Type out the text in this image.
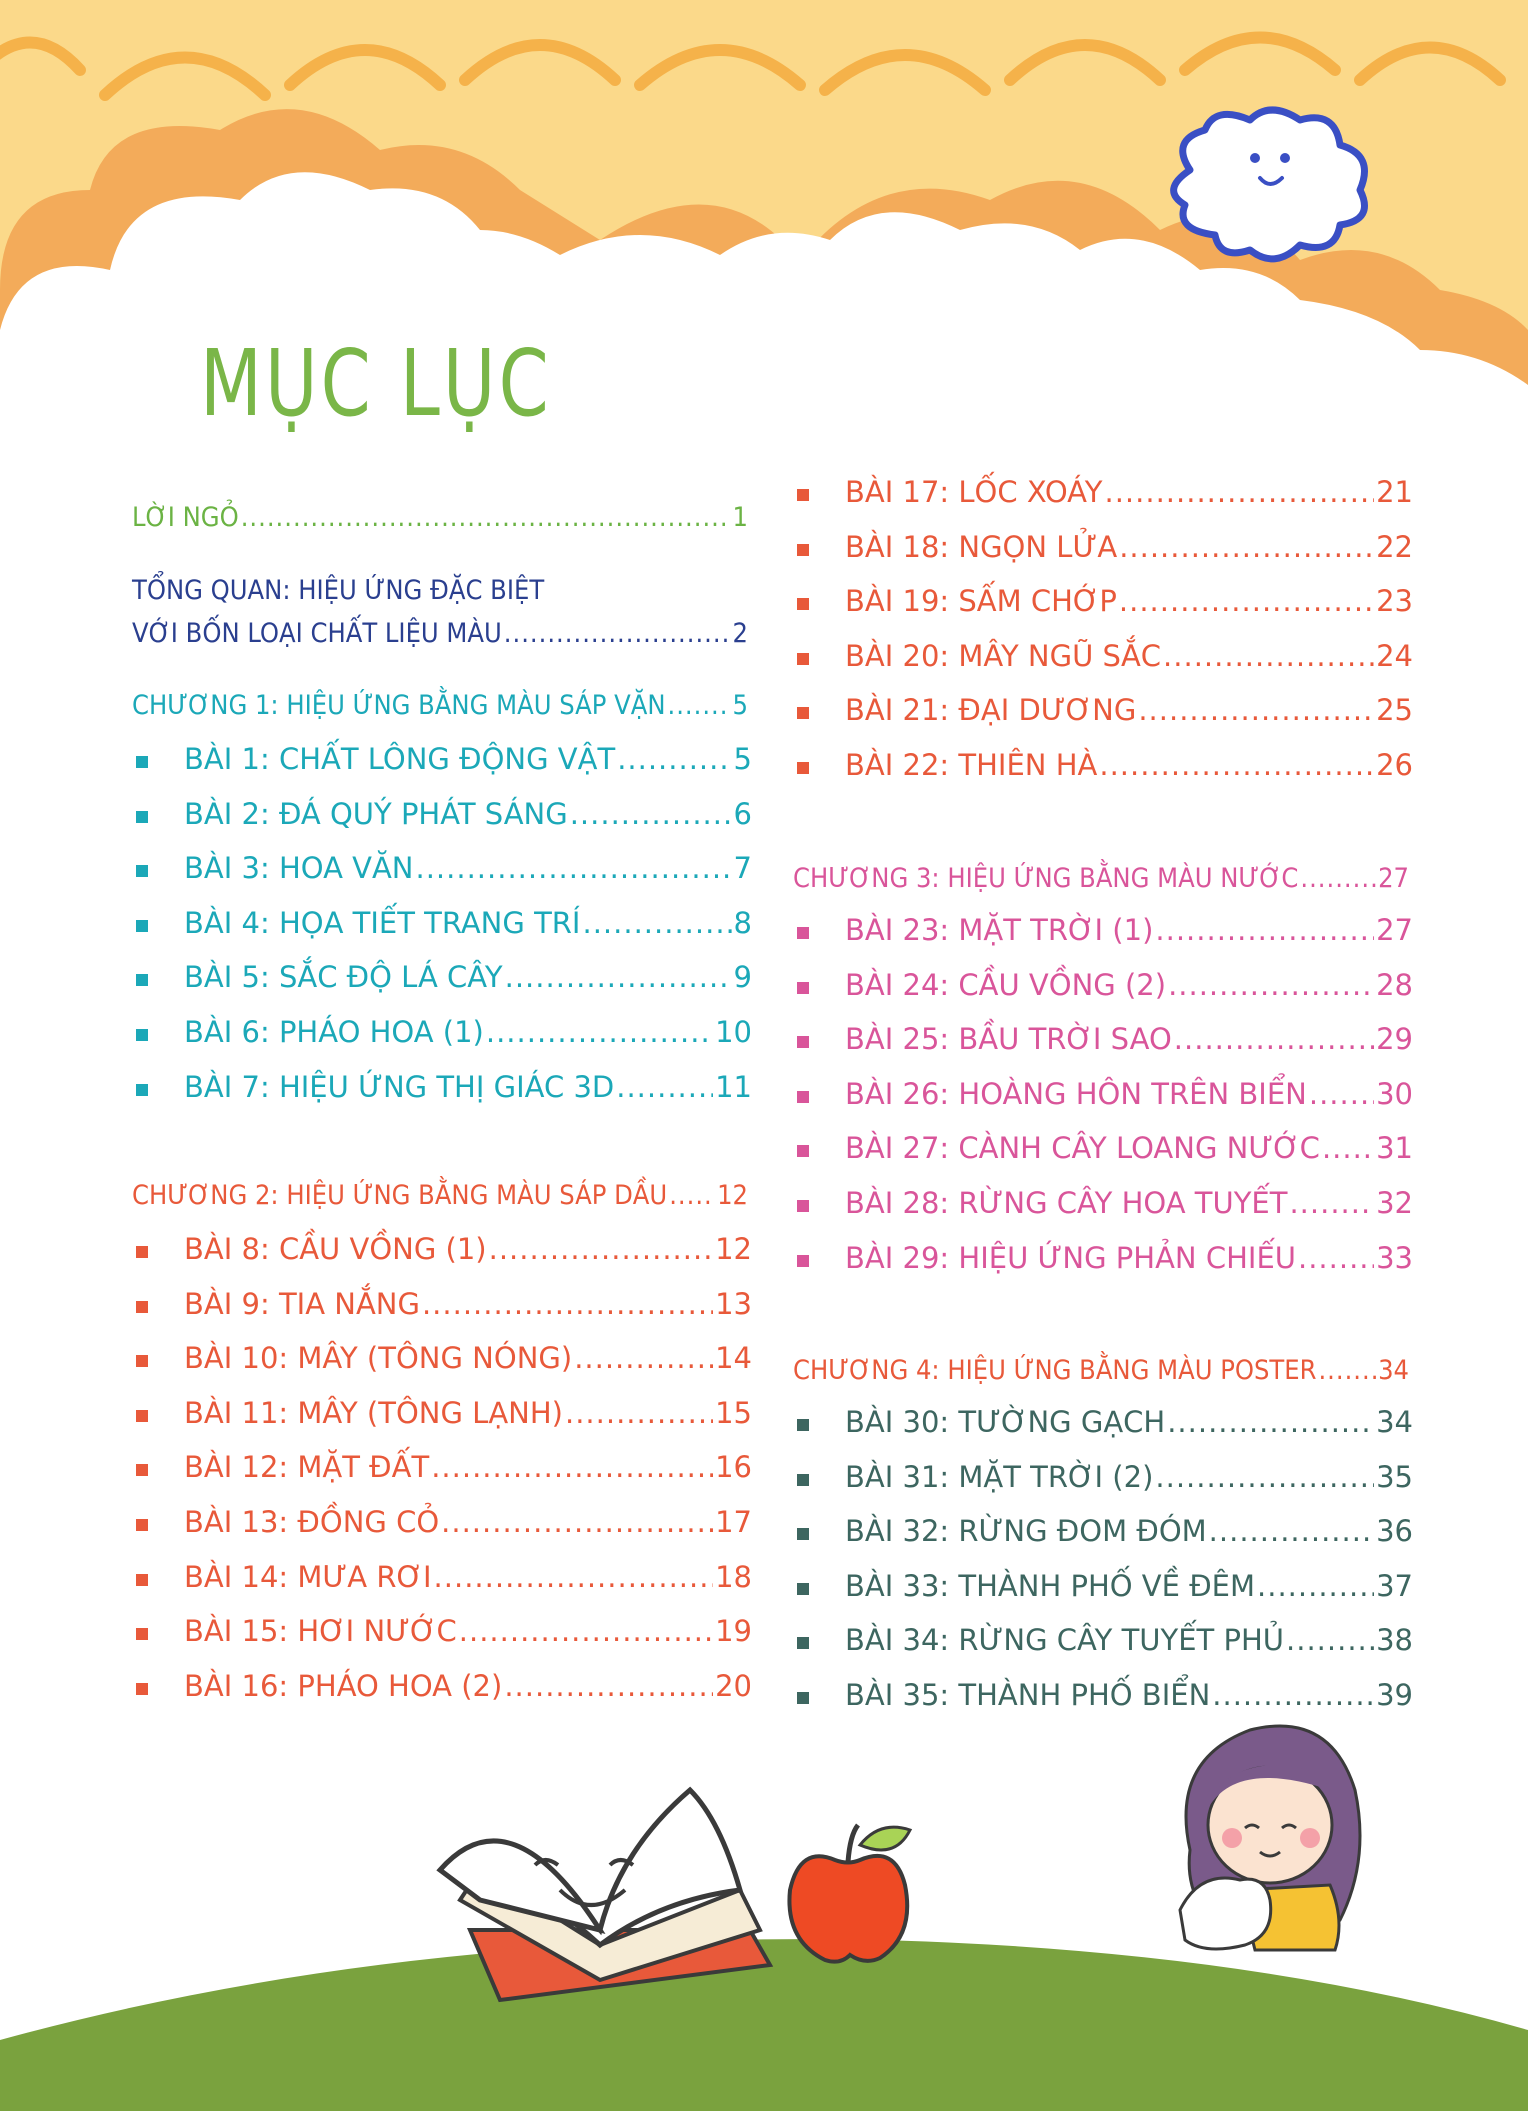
MỤC LỤC
LỜI NGỎ .....	1
TỔNG QUAN: HIỆU ỨNG ĐẶC BIỆT
VỚI BỐN LOẠI CHẤT LIỆU MÀU .....	2
CHƯƠNG 1: HIỆU ỨNG BẰNG MÀU SÁP VẶN ..... 5
BÀI 1: CHẤT LÔNG ĐỘNG VẬT .....	5
BÀI 2: ĐÁ QUÝ PHÁT SÁNG .....	6
BÀI 3: HOA VĂN .....	7
BÀI 4: HỌA TIẾT TRANG TRÍ .....	8
BÀI 5: SẮC ĐỘ LÁ CÂY .....	9
BÀI 6: PHÁO HOA (1) .....	10
BÀI 7: HIỆU ỨNG THỊ GIÁC 3D .....	11
CHƯƠNG 2: HIỆU ỨNG BẰNG MÀU SÁP DẦU ..... 12
BÀI 8: CẦU VỒNG (1) .....	12
BÀI 9: TIA NẮNG .....	13
BÀI 10: MÂY (TÔNG NÓNG) .....	14
BÀI 11: MÂY (TÔNG LẠNH) .....	15
BÀI 12: MẶT ĐẤT .....	16
BÀI 13: ĐỒNG CỎ .....	17
BÀI 14: MƯA RƠI .....	18
BÀI 15: HƠI NƯỚC .....	19
BÀI 16: PHÁO HOA (2) .....	20
BÀI 17: LỐC XOÁY .....	21
BÀI 18: NGỌN LỬA .....	22
BÀI 19: SẤM CHỚP .....	23
BÀI 20: MÂY NGŨ SẮC .....	24
BÀI 21: ĐẠI DƯƠNG .....	25
BÀI 22: THIÊN HÀ .....	26
CHƯƠNG 3: HIỆU ỨNG BẰNG MÀU NƯỚC .....	27
BÀI 23: MẶT TRỜI (1) .....	27
BÀI 24: CẦU VỒNG (2) .....	28
BÀI 25: BẦU TRỜI SAO .....	29
BÀI 26: HOÀNG HÔN TRÊN BIỂN ..... 30
BÀI 27: CÀNH CÂY LOANG NƯỚC ..... 31
BÀI 28: RỪNG CÂY HOA TUYẾT .....	32
BÀI 29: HIỆU ỨNG PHẢN CHIẾU .....	33
CHƯƠNG 4: HIỆU ỨNG BẰNG MÀU POSTER ..... 34
BÀI 30: TƯỜNG GẠCH .....	34
BÀI 31: MẶT TRỜI (2) .....	35
BÀI 32: RỪNG ĐOM ĐÓM .....	36
BÀI 33: THÀNH PHỐ VỀ ĐÊM .....	37
BÀI 34: RỪNG CÂY TUYẾT PHỦ .....	38
BÀI 35: THÀNH PHỐ BIỂN .....	39
